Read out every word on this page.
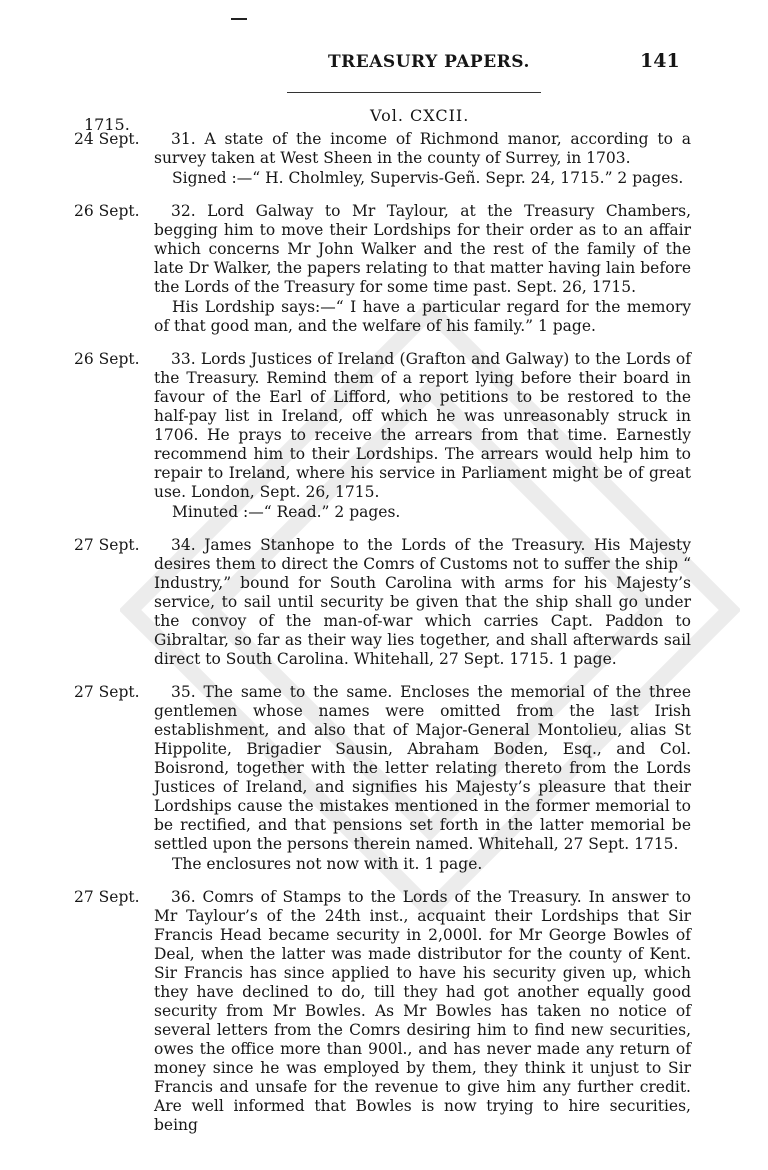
TREASURY PAPERS.	141
Vol. CXCII.
1715.
24 Sept.	31. A state of the income of Richmond manor, according to a survey taken at West Sheen in the county of Surrey, in 1703.

Signed :—“ H. Cholmley, Supervis-Geñ. Sepr. 24, 1715.” 2 pages.

26 Sept.	32. Lord Galway to Mr Taylour, at the Treasury Chambers, begging him to move their Lordships for their order as to an affair which concerns Mr John Walker and the rest of the family of the late Dr Walker, the papers relating to that matter having lain before the Lords of the Treasury for some time past. Sept. 26, 1715.

His Lordship says:—“ I have a particular regard for the memory of that good man, and the welfare of his family.” 1 page.

26 Sept.	33. Lords Justices of Ireland (Grafton and Galway) to the Lords of the Treasury. Remind them of a report lying before their board in favour of the Earl of Lifford, who petitions to be restored to the half-pay list in Ireland, off which he was unreasonably struck in 1706. He prays to receive the arrears from that time. Earnestly recommend him to their Lordships. The arrears would help him to repair to Ireland, where his service in Parliament might be of great use. London, Sept. 26, 1715.

Minuted :—“ Read.” 2 pages.

27 Sept.	34. James Stanhope to the Lords of the Treasury. His Majesty desires them to direct the Comrs of Customs not to suffer the ship “ Industry,” bound for South Carolina with arms for his Majesty’s service, to sail until security be given that the ship shall go under the convoy of the man-of-war which carries Capt. Paddon to Gibraltar, so far as their way lies together, and shall afterwards sail direct to South Carolina. Whitehall, 27 Sept. 1715. 1 page.

27 Sept.	35. The same to the same. Encloses the memorial of the three gentlemen whose names were omitted from the last Irish establishment, and also that of Major-General Montolieu, alias St Hippolite, Brigadier Sausin, Abraham Boden, Esq., and Col. Boisrond, together with the letter relating thereto from the Lords Justices of Ireland, and signifies his Majesty’s pleasure that their Lordships cause the mistakes mentioned in the former memorial to be rectified, and that pensions set forth in the latter memorial be settled upon the persons therein named. Whitehall, 27 Sept. 1715.

The enclosures not now with it. 1 page.

27 Sept.	36. Comrs of Stamps to the Lords of the Treasury. In answer to Mr Taylour’s of the 24th inst., acquaint their Lordships that Sir Francis Head became security in 2,000l. for Mr George Bowles of Deal, when the latter was made distributor for the county of Kent. Sir Francis has since applied to have his security given up, which they have declined to do, till they had got another equally good security from Mr Bowles. As Mr Bowles has taken no notice of several letters from the Comrs desiring him to find new securities, owes the office more than 900l., and has never made any return of money since he was employed by them, they think it unjust to Sir Francis and unsafe for the revenue to give him any further credit. Are well informed that Bowles is now trying to hire securities, being
